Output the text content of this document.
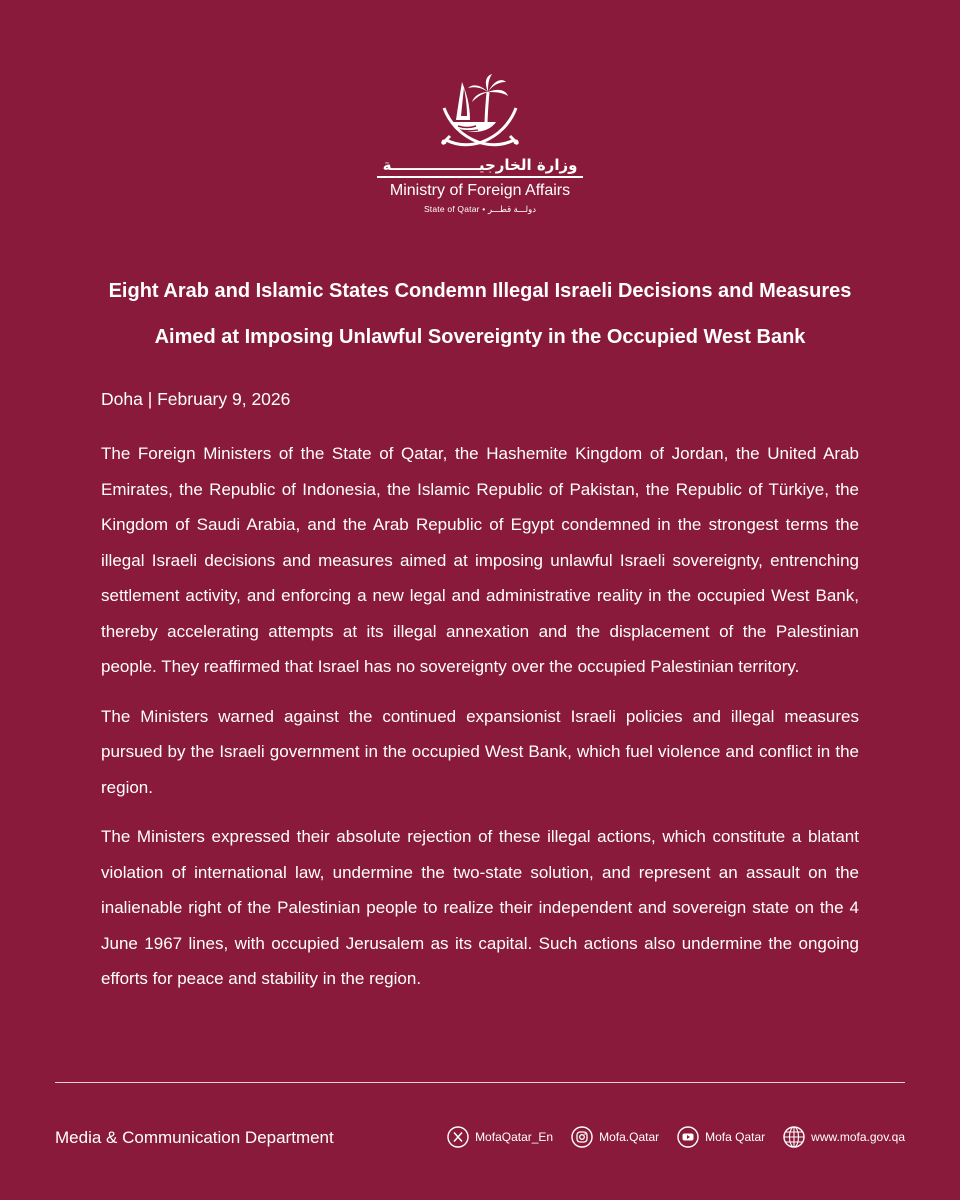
وزارة الخارجيـــــــــــــــــة
Ministry of Foreign Affairs
State of Qatar • دولـــة قطـــر
Eight Arab and Islamic States Condemn Illegal Israeli Decisions and Measures
Aimed at Imposing Unlawful Sovereignty in the Occupied West Bank
Doha | February 9, 2026

The Foreign Ministers of the State of Qatar, the Hashemite Kingdom of Jordan, the United Arab Emirates, the Republic of Indonesia, the Islamic Republic of Pakistan, the Republic of Türkiye, the Kingdom of Saudi Arabia, and the Arab Republic of Egypt condemned in the strongest terms the illegal Israeli decisions and measures aimed at imposing unlawful Israeli sovereignty, entrenching settlement activity, and enforcing a new legal and administrative reality in the occupied West Bank, thereby accelerating attempts at its illegal annexation and the displacement of the Palestinian people. They reaffirmed that Israel has no sovereignty over the occupied Palestinian territory.

The Ministers warned against the continued expansionist Israeli policies and illegal measures pursued by the Israeli government in the occupied West Bank, which fuel violence and conflict in the region.

The Ministers expressed their absolute rejection of these illegal actions, which constitute a blatant violation of international law, undermine the two-state solution, and represent an assault on the inalienable right of the Palestinian people to realize their independent and sovereign state on the 4 June 1967 lines, with occupied Jerusalem as its capital. Such actions also undermine the ongoing efforts for peace and stability in the region.

Media & Communication Department	MofaQatar_En	Mofa.Qatar	Mofa Qatar	www.mofa.gov.qa
